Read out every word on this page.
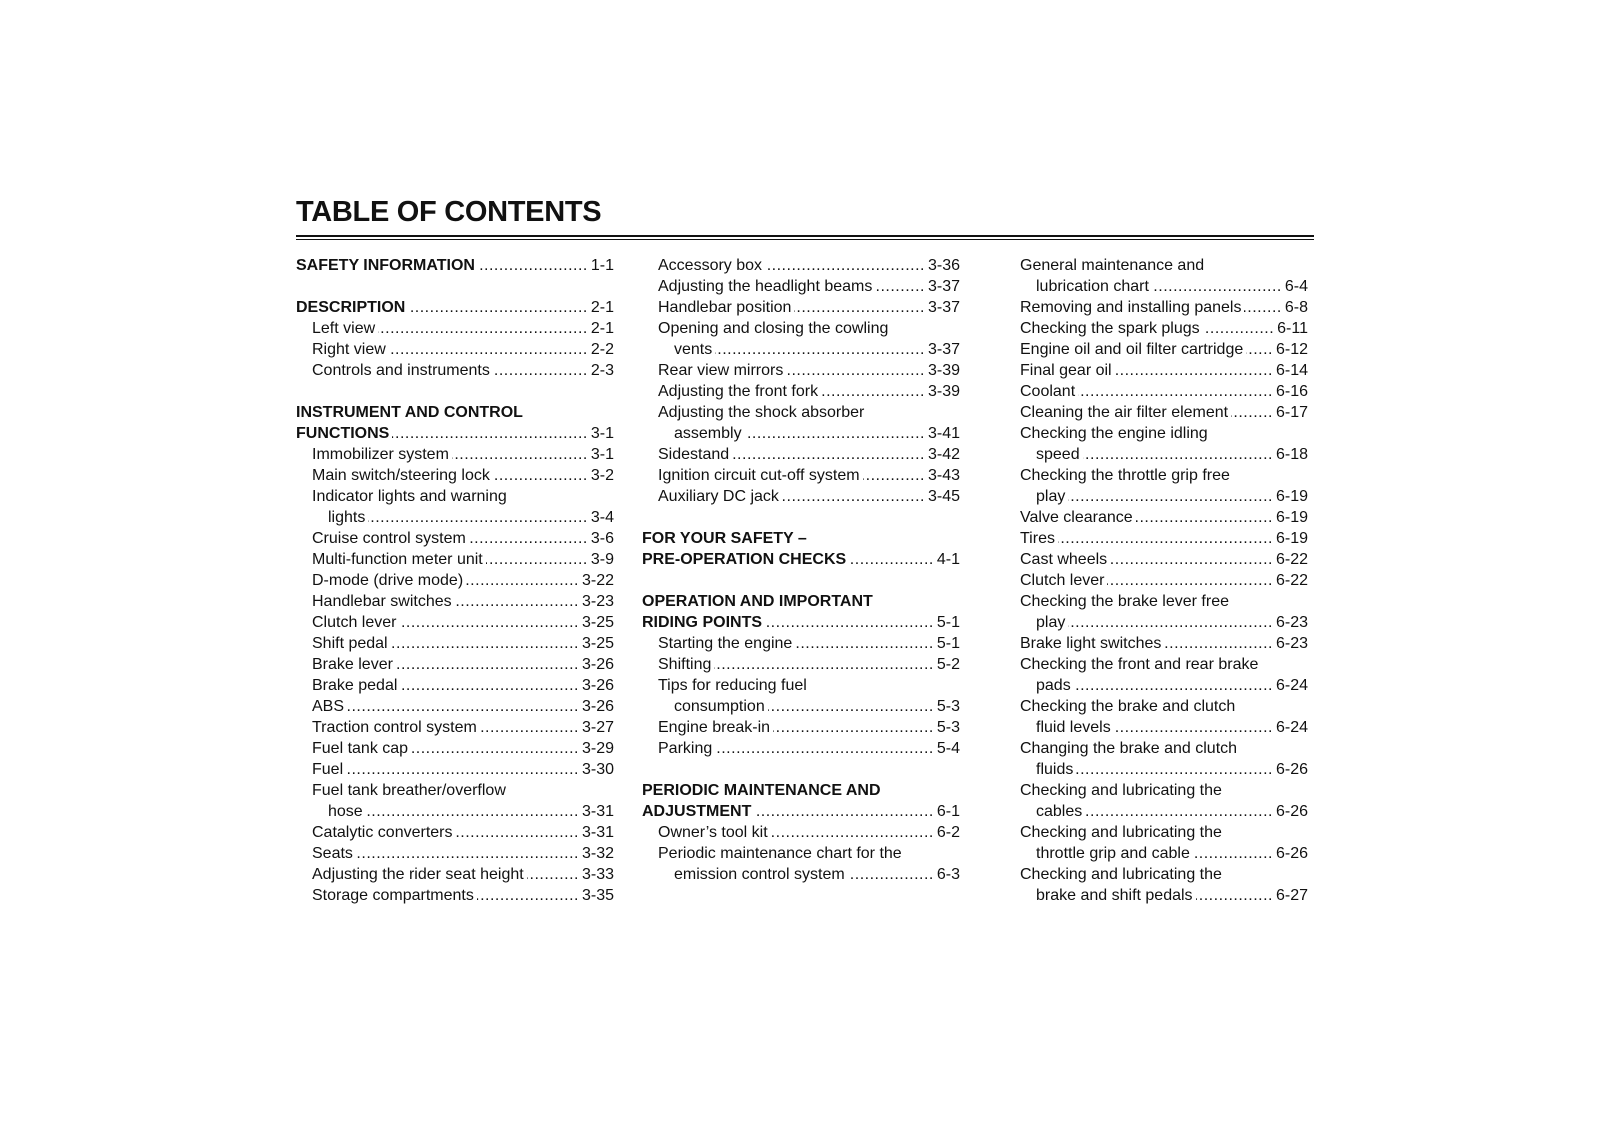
TABLE OF CONTENTS
SAFETY INFORMATION .....	1-1
DESCRIPTION .....	2-1
Left view .....	2-1
Right view .....	2-2
Controls and instruments .....	2-3
INSTRUMENT AND CONTROL
FUNCTIONS .....	3-1
Immobilizer system .....	3-1
Main switch/steering lock .....	3-2
Indicator lights and warning
lights .....	3-4
Cruise control system .....	3-6
Multi-function meter unit .....	3-9
D-mode (drive mode) .....	3-22
Handlebar switches .....	3-23
Clutch lever .....	3-25
Shift pedal .....	3-25
Brake lever .....	3-26
Brake pedal .....	3-26
ABS .....	3-26
Traction control system .....	3-27
Fuel tank cap .....	3-29
Fuel .....	3-30
Fuel tank breather/overflow
hose .....	3-31
Catalytic converters .....	3-31
Seats .....	3-32
Adjusting the rider seat height .....	3-33
Storage compartments .....	3-35
Accessory box .....	3-36
Adjusting the headlight beams .....	3-37
Handlebar position .....	3-37
Opening and closing the cowling
vents .....	3-37
Rear view mirrors .....	3-39
Adjusting the front fork .....	3-39
Adjusting the shock absorber
assembly .....	3-41
Sidestand .....	3-42
Ignition circuit cut-off system .....	3-43
Auxiliary DC jack .....	3-45
FOR YOUR SAFETY –
PRE-OPERATION CHECKS .....	4-1
OPERATION AND IMPORTANT
RIDING POINTS .....	5-1
Starting the engine .....	5-1
Shifting .....	5-2
Tips for reducing fuel
consumption .....	5-3
Engine break-in .....	5-3
Parking .....	5-4
PERIODIC MAINTENANCE AND
ADJUSTMENT .....	6-1
Owner’s tool kit .....	6-2
Periodic maintenance chart for the
emission control system .....	6-3
General maintenance and
lubrication chart .....	6-4
Removing and installing panels .....	6-8
Checking the spark plugs .....	6-11
Engine oil and oil filter cartridge ..... 6-12
Final gear oil .....	6-14
Coolant .....	6-16
Cleaning the air filter element .....	6-17
Checking the engine idling
speed .....	6-18
Checking the throttle grip free
play .....	6-19
Valve clearance .....	6-19
Tires .....	6-19
Cast wheels .....	6-22
Clutch lever .....	6-22
Checking the brake lever free
play .....	6-23
Brake light switches .....	6-23
Checking the front and rear brake
pads .....	6-24
Checking the brake and clutch
fluid levels .....	6-24
Changing the brake and clutch
fluids .....	6-26
Checking and lubricating the
cables .....	6-26
Checking and lubricating the
throttle grip and cable .....	6-26
Checking and lubricating the
brake and shift pedals .....	6-27
